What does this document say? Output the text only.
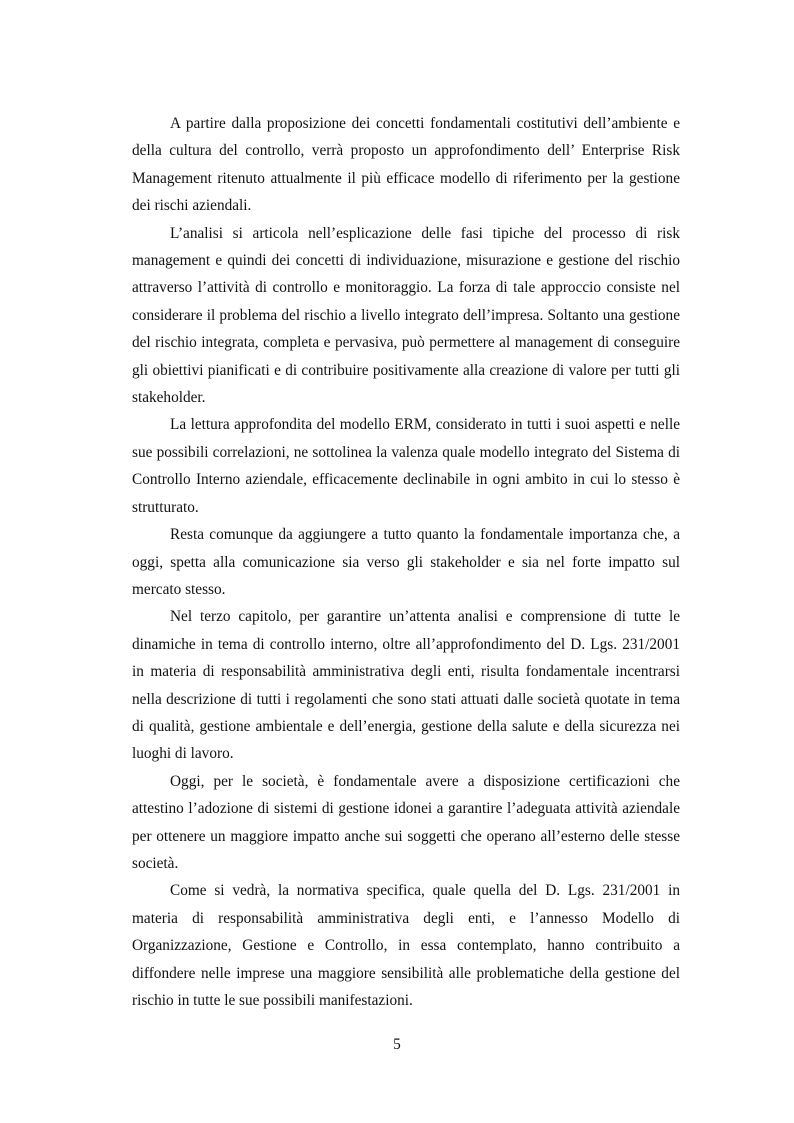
A partire dalla proposizione dei concetti fondamentali costitutivi dell’ambiente e della cultura del controllo, verrà proposto un approfondimento dell’ Enterprise Risk Management ritenuto attualmente il più efficace modello di riferimento per la gestione dei rischi aziendali.

L’analisi si articola nell’esplicazione delle fasi tipiche del processo di risk management e quindi dei concetti di individuazione, misurazione e gestione del rischio attraverso l’attività di controllo e monitoraggio. La forza di tale approccio consiste nel considerare il problema del rischio a livello integrato dell’impresa. Soltanto una gestione del rischio integrata, completa e pervasiva, può permettere al management di conseguire gli obiettivi pianificati e di contribuire positivamente alla creazione di valore per tutti gli stakeholder.

La lettura approfondita del modello ERM, considerato in tutti i suoi aspetti e nelle sue possibili correlazioni, ne sottolinea la valenza quale modello integrato del Sistema di Controllo Interno aziendale, efficacemente declinabile in ogni ambito in cui lo stesso è strutturato.

Resta comunque da aggiungere a tutto quanto la fondamentale importanza che, a oggi, spetta alla comunicazione sia verso gli stakeholder e sia nel forte impatto sul mercato stesso.

Nel terzo capitolo, per garantire un’attenta analisi e comprensione di tutte le dinamiche in tema di controllo interno, oltre all’approfondimento del D. Lgs. 231/2001 in materia di responsabilità amministrativa degli enti, risulta fondamentale incentrarsi nella descrizione di tutti i regolamenti che sono stati attuati dalle società quotate in tema di qualità, gestione ambientale e dell’energia, gestione della salute e della sicurezza nei luoghi di lavoro.

Oggi, per le società, è fondamentale avere a disposizione certificazioni che attestino l’adozione di sistemi di gestione idonei a garantire l’adeguata attività aziendale per ottenere un maggiore impatto anche sui soggetti che operano all’esterno delle stesse società.

Come si vedrà, la normativa specifica, quale quella del D. Lgs. 231/2001 in materia di responsabilità amministrativa degli enti, e l’annesso Modello di Organizzazione, Gestione e Controllo, in essa contemplato, hanno contribuito a diffondere nelle imprese una maggiore sensibilità alle problematiche della gestione del rischio in tutte le sue possibili manifestazioni.

5
